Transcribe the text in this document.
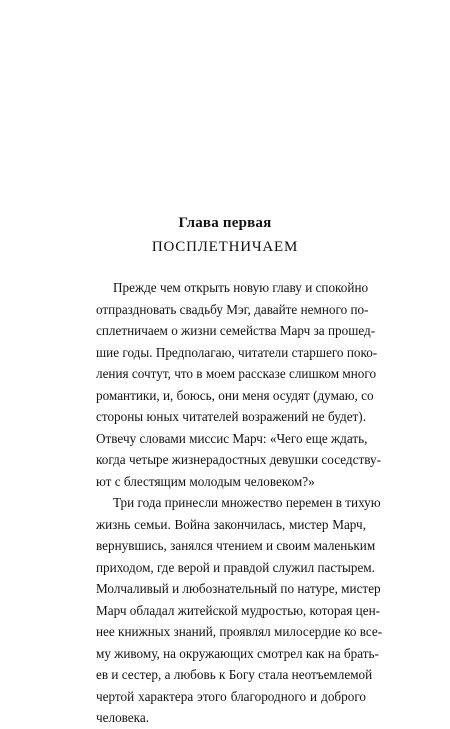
Глава первая
ПОСПЛЕТНИЧАЕМ
Прежде чем открыть новую главу и спокойно
отпраздновать свадьбу Мэг, давайте немного по-
сплетничаем о жизни семейства Марч за прошед-
шие годы. Предполагаю, читатели старшего поко-
ления сочтут, что в моем рассказе слишком много
романтики, и, боюсь, они меня осудят (думаю, со
стороны юных читателей возражений не будет).
Отвечу словами миссис Марч: «Чего еще ждать,
когда четыре жизнерадостных девушки соседству-
ют с блестящим молодым человеком?»
Три года принесли множество перемен в тихую
жизнь семьи. Война закончилась, мистер Марч,
вернувшись, занялся чтением и своим маленьким
приходом, где верой и правдой служил пастырем.
Молчаливый и любознательный по натуре, мистер
Марч обладал житейской мудростью, которая цен-
нее книжных знаний, проявлял милосердие ко все-
му живому, на окружающих смотрел как на брать-
ев и сестер, а любовь к Богу стала неотъемлемой
чертой характера этого благородного и доброго
человека.
